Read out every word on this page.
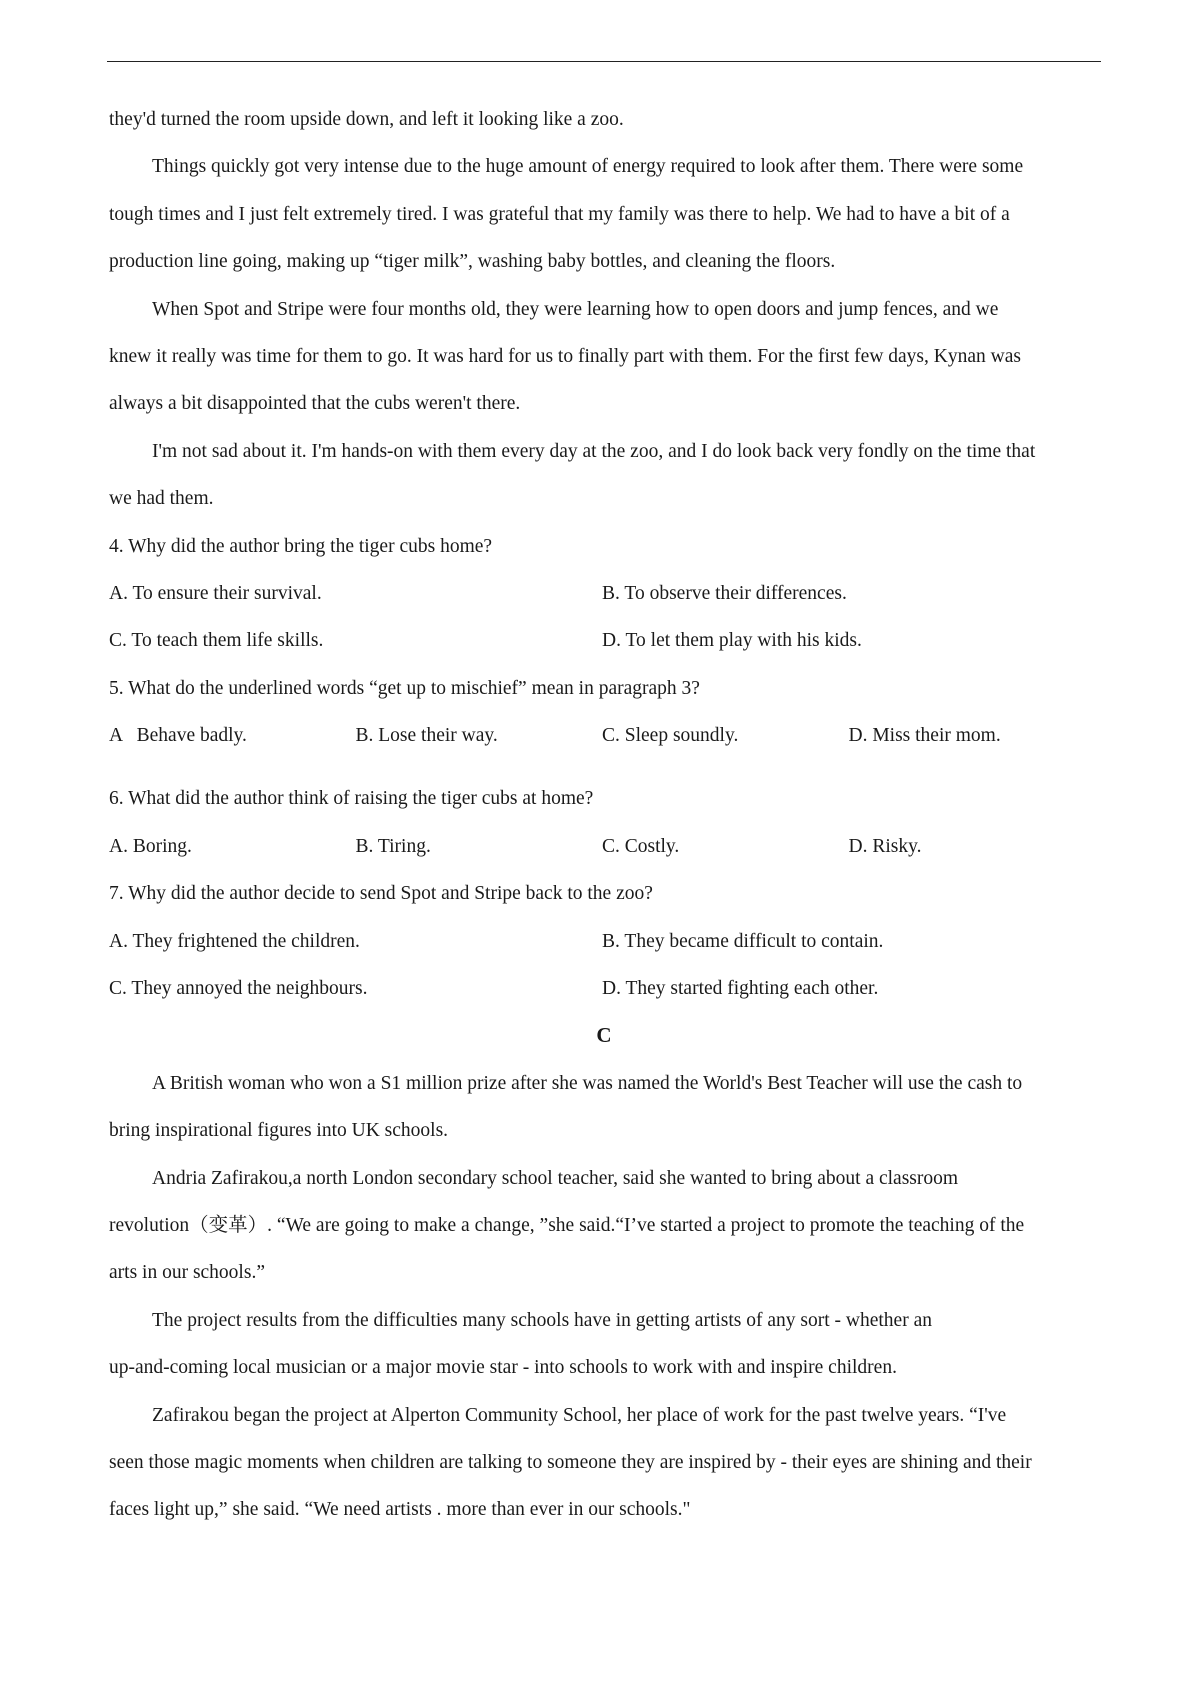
they'd turned the room upside down, and left it looking like a zoo.
Things quickly got very intense due to the huge amount of energy required to look after them. There were some
tough times and I just felt extremely tired. I was grateful that my family was there to help. We had to have a bit of a
production line going, making up “tiger milk”, washing baby bottles, and cleaning the floors.
When Spot and Stripe were four months old, they were learning how to open doors and jump fences, and we
knew it really was time for them to go. It was hard for us to finally part with them. For the first few days, Kynan was
always a bit disappointed that the cubs weren't there.
I'm not sad about it. I'm hands-on with them every day at the zoo, and I do look back very fondly on the time that
we had them.
4. Why did the author bring the tiger cubs home?
A. To ensure their survival.	B. To observe their differences.
C. To teach them life skills.	D. To let them play with his kids.
5. What do the underlined words “get up to mischief” mean in paragraph 3?
A   Behave badly.	B. Lose their way.	C. Sleep soundly.	D. Miss their mom.
6. What did the author think of raising the tiger cubs at home?
A. Boring.	B. Tiring.	C. Costly.	D. Risky.
7. Why did the author decide to send Spot and Stripe back to the zoo?
A. They frightened the children.	B. They became difficult to contain.
C. They annoyed the neighbours.	D. They started fighting each other.
C
A British woman who won a S1 million prize after she was named the World's Best Teacher will use the cash to
bring inspirational figures into UK schools.
Andria Zafirakou,a north London secondary school teacher, said she wanted to bring about a classroom
revolution（变革）. “We are going to make a change, ”she said.“I’ve started a project to promote the teaching of the
arts in our schools.”
The project results from the difficulties many schools have in getting artists of any sort - whether an
up-and-coming local musician or a major movie star - into schools to work with and inspire children.
Zafirakou began the project at Alperton Community School, her place of work for the past twelve years. “I've
seen those magic moments when children are talking to someone they are inspired by - their eyes are shining and their
faces light up,” she said. “We need artists . more than ever in our schools."
